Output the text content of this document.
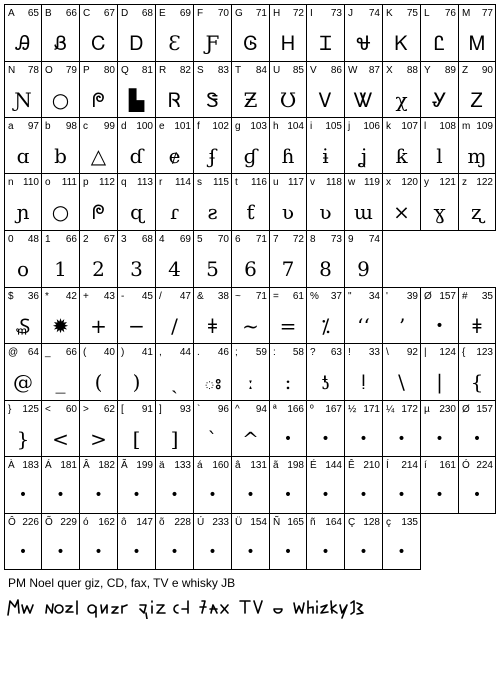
A 65
Ꭿ
B 66
Ᏸ
C 67
Ꮯ
D 68
Ꭰ
E 69
Ɛ
F 70
Ƒ
G 71
Ꮆ
H 72
Ꮋ
I 73
Ɪ
J 74
Ꮰ
K 75
Ꮶ
L 76
Ꮭ
M 77
Ꮇ
N 78
Ɲ
O 79
○
P 80
ᖘ
Q 81
▙
R 82
Ꮢ
S 83
Ꮥ
T 84
Ƶ
U 85
Ʊ
V 86
Ꮩ
W 87
Ꮤ
X 88
χ
Y 89
Ꮍ
Z 90
Ꮓ
a 97
ɑ
b 98
b
c 99
△
d 100
ɗ
e 101
ɇ
f 102
ʄ
g 103
ɠ
h 104
ɦ
i 105
ɨ
j 106
ʝ
k 107
ƙ
l 108
l
m 109
ɱ
n 110
ɲ
o 111
○
p 112
ᖘ
q 113
ɋ
r 114
ɾ
s 115
ƨ
t 116
ƭ
u 117
ʋ
v 118
ʋ
w 119
ɯ
x 120
×
y 121
ɣ
z 122
ʐ
0 48
o
1 66
1
2 67
2
3 68
3
4 69
4
5 70
5
6 71
6
7 72
7
8 73
8
9 74
9
$ 36
₷
* 42
✹
+ 43
+
- 45
−
/ 47
/
& 38
ǂ
~ 71
~
= 61
=
% 37
⁒
" 34
ʻʻ
' 39
ʼ
Ø 157
•
# 35
ǂ
@ 64
@
_ 66
_
( 40
(
) 41
)
, 44
ˏ
. 46
ః
; 59
ː
: 58
:
? 63
ƾ
! 33
ǃ
\ 92
\
| 124
|
{ 123
{
} 125
}
< 60
<
> 62
>
[ 91
[
] 93
]
` 96
`
^ 94
^
ª 166
•
º 167
•
½ 171
•
¼ 172
•
µ 230
•
Ø 157
•
À 183
•
Á 181
•
Â 182
•
Ã 199
•
ä 133
•
á 160
•
â 131
•
ã 198
•
É 144
•
Ê 210
•
Í 214
•
í 161
•
Ó 224
•
Ô 226
•
Õ 229
•
ó 162
•
ô 147
•
õ 228
•
Ú 233
•
Ü 154
•
Ñ 165
•
ñ 164
•
Ç 128
•
ç 135
•
PM Noel quer giz, CD, fax, TV e whisky JB
